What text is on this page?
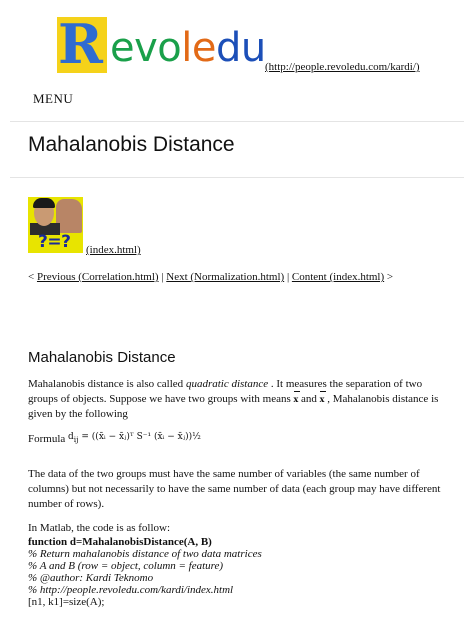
R evoledu (http://people.revoledu.com/kardi/)
MENU
Mahalanobis Distance
?=? (index.html)
< Previous (Correlation.html) | Next (Normalization.html) | Content (index.html) >
Mahalanobis Distance
Mahalanobis distance is also called quadratic distance . It measures the separation of two groups of objects. Suppose we have two groups with means x and x , Mahalanobis distance is given by the following
Formula $d_{ij}$ = ((x̄ᵢ − x̄ⱼ)ᵀ S⁻¹ (x̄ᵢ − x̄ⱼ))½
The data of the two groups must have the same number of variables (the same number of columns) but not necessarily to have the same number of data (each group may have different number of rows).
In Matlab, the code is as follow:
function d=MahalanobisDistance(A, B)
% Return mahalanobis distance of two data matrices
% A and B (row = object, column = feature)
% @author: Kardi Teknomo
% http://people.revoledu.com/kardi/index.html
[n1, k1]=size(A);
